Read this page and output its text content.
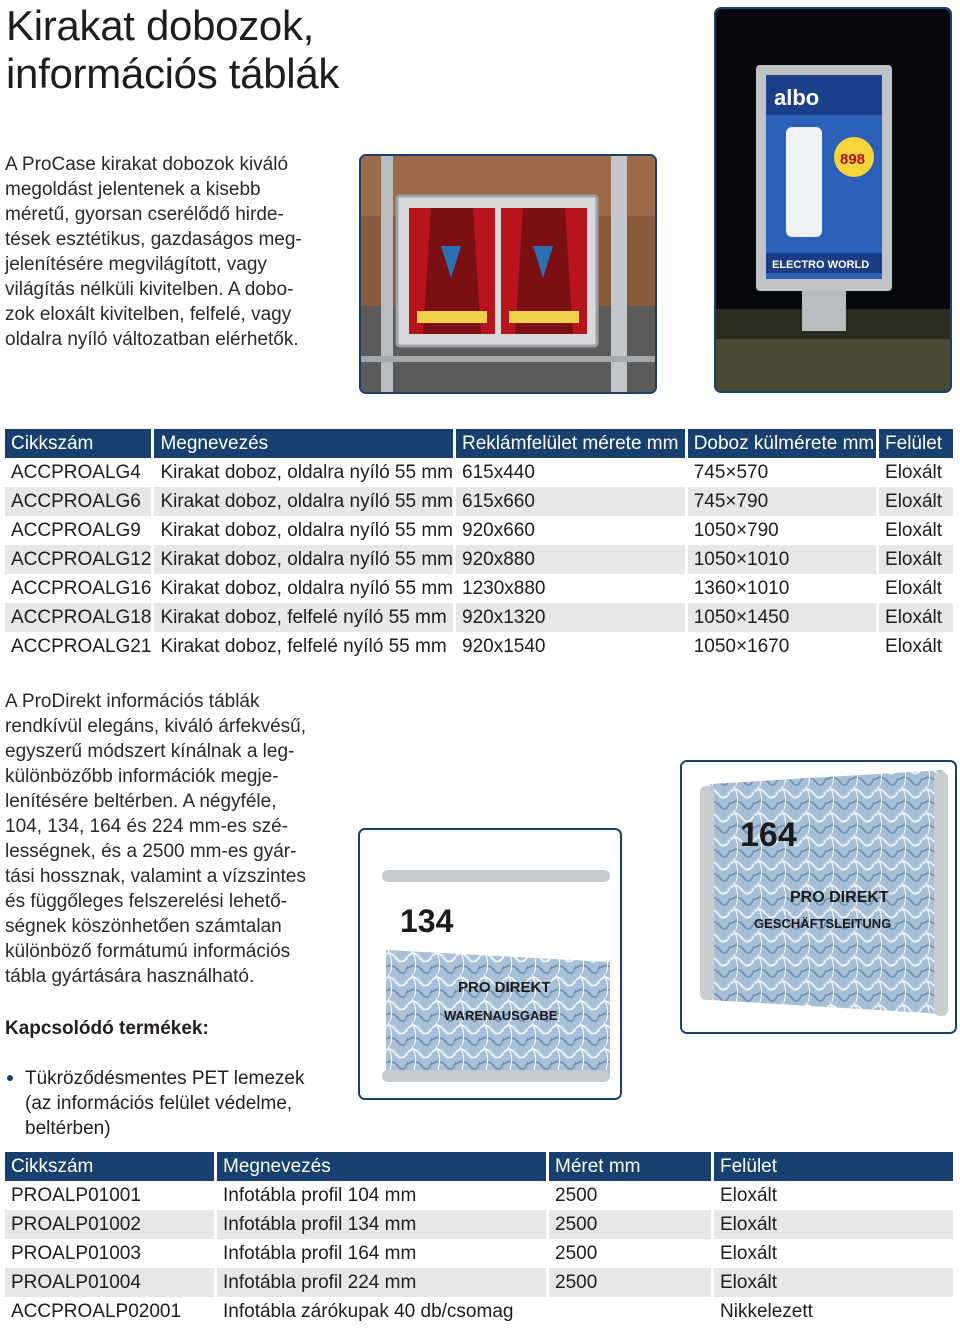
Kirakat dobozok,
információs táblák

A ProCase kirakat dobozok kiváló
megoldást jelentenek a kisebb
méretű, gyorsan cserélődő hirde-
tések esztétikus, gazdaságos meg-
jelenítésére megvilágított, vagy
világítás nélküli kivitelben. A dobo-
zok eloxált kivitelben, felfelé, vagy
oldalra nyíló változatban elérhetők.

albo
898
ELECTRO WORLD
Cikkszám	Megnevezés	Reklámfelület mérete mm	Doboz külmérete mm	Felület
ACCPROALG4	Kirakat doboz, oldalra nyíló 55 mm	615x440	745×570	Eloxált
ACCPROALG6	Kirakat doboz, oldalra nyíló 55 mm	615x660	745×790	Eloxált
ACCPROALG9	Kirakat doboz, oldalra nyíló 55 mm	920x660	1050×790	Eloxált
ACCPROALG12	Kirakat doboz, oldalra nyíló 55 mm	920x880	1050×1010	Eloxált
ACCPROALG16	Kirakat doboz, oldalra nyíló 55 mm	1230x880	1360×1010	Eloxált
ACCPROALG18	Kirakat doboz, felfelé nyíló 55 mm	920x1320	1050×1450	Eloxált
ACCPROALG21	Kirakat doboz, felfelé nyíló 55 mm	920x1540	1050×1670	Eloxált

A ProDirekt információs táblák
rendkívül elegáns, kiváló árfekvésű,
egyszerű módszert kínálnak a leg-
különbözőbb információk megje-
lenítésére beltérben. A négyféle,
104, 134, 164 és 224 mm-es szé-
lességnek, és a 2500 mm-es gyár-
tási hossznak, valamint a vízszintes
és függőleges felszerelési lehető-
ségnek köszönhetően számtalan
különböző formátumú információs
tábla gyártására használható.

164
PRO DIREKT
GESCHÄFTSLEITUNG
134
PRO DIREKT
WARENAUSGABE
Kapcsolódó termékek:
Tükröződésmentes PET lemezek
(az információs felület védelme,
beltérben)
Cikkszám	Megnevezés	Méret mm	Felület
PROALP01001	Infotábla profil 104 mm	2500	Eloxált
PROALP01002	Infotábla profil 134 mm	2500	Eloxált
PROALP01003	Infotábla profil 164 mm	2500	Eloxált
PROALP01004	Infotábla profil 224 mm	2500	Eloxált
ACCPROALP02001	Infotábla zárókupak 40 db/csomag		Nikkelezett
